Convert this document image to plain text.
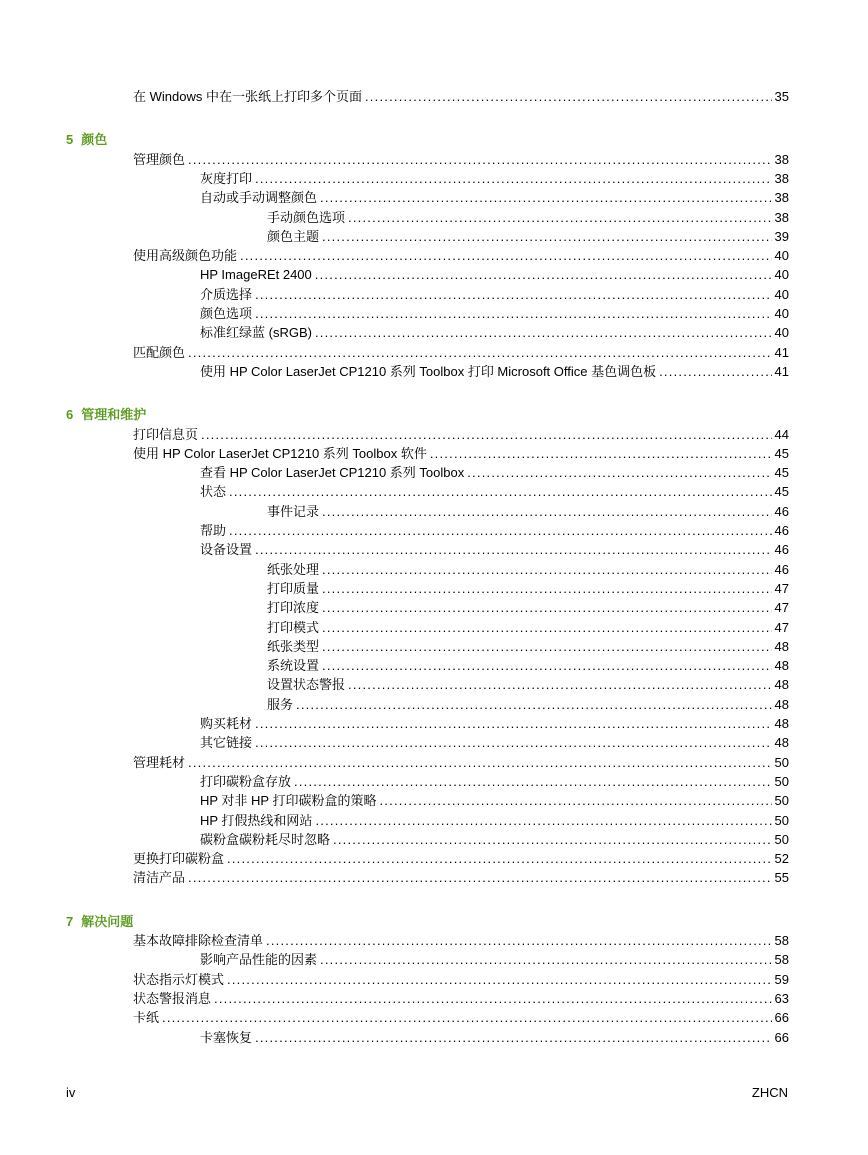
在 Windows 中在一张纸上打印多个页面 . . .	35
5 颜色
管理颜色 . . .	38
灰度打印 . . .	38
自动或手动调整颜色 . . .	38
手动颜色选项 . . .	38
颜色主题 . . .	39
使用高级颜色功能 . . .	40
HP ImageREt 2400 . . .	40
介质选择 . . .	40
颜色选项 . . .	40
标准红绿蓝 (sRGB) . . .	40
匹配颜色 . . .	41
使用 HP Color LaserJet CP1210 系列 Toolbox 打印 Microsoft Office 基色调色板 . . .	41
6 管理和维护
打印信息页 . . .	44
使用 HP Color LaserJet CP1210 系列 Toolbox 软件 . . .	45
查看 HP Color LaserJet CP1210 系列 Toolbox . . .	45
状态 . . .	45
事件记录 . . .	46
帮助 . . .	46
设备设置 . . .	46
纸张处理 . . .	46
打印质量 . . .	47
打印浓度 . . .	47
打印模式 . . .	47
纸张类型 . . .	48
系统设置 . . .	48
设置状态警报 . . .	48
服务 . . .	48
购买耗材 . . .	48
其它链接 . . .	48
管理耗材 . . .	50
打印碳粉盒存放 . . .	50
HP 对非 HP 打印碳粉盒的策略 . . .	50
HP 打假热线和网站 . . .	50
碳粉盒碳粉耗尽时忽略 . . .	50
更换打印碳粉盒 . . .	52
清洁产品 . . .	55
7 解决问题
基本故障排除检查清单 . . .	58
影响产品性能的因素 . . .	58
状态指示灯模式 . . .	59
状态警报消息 . . .	63
卡纸 . . .	66
卡塞恢复 . . .	66
iv	ZHCN
